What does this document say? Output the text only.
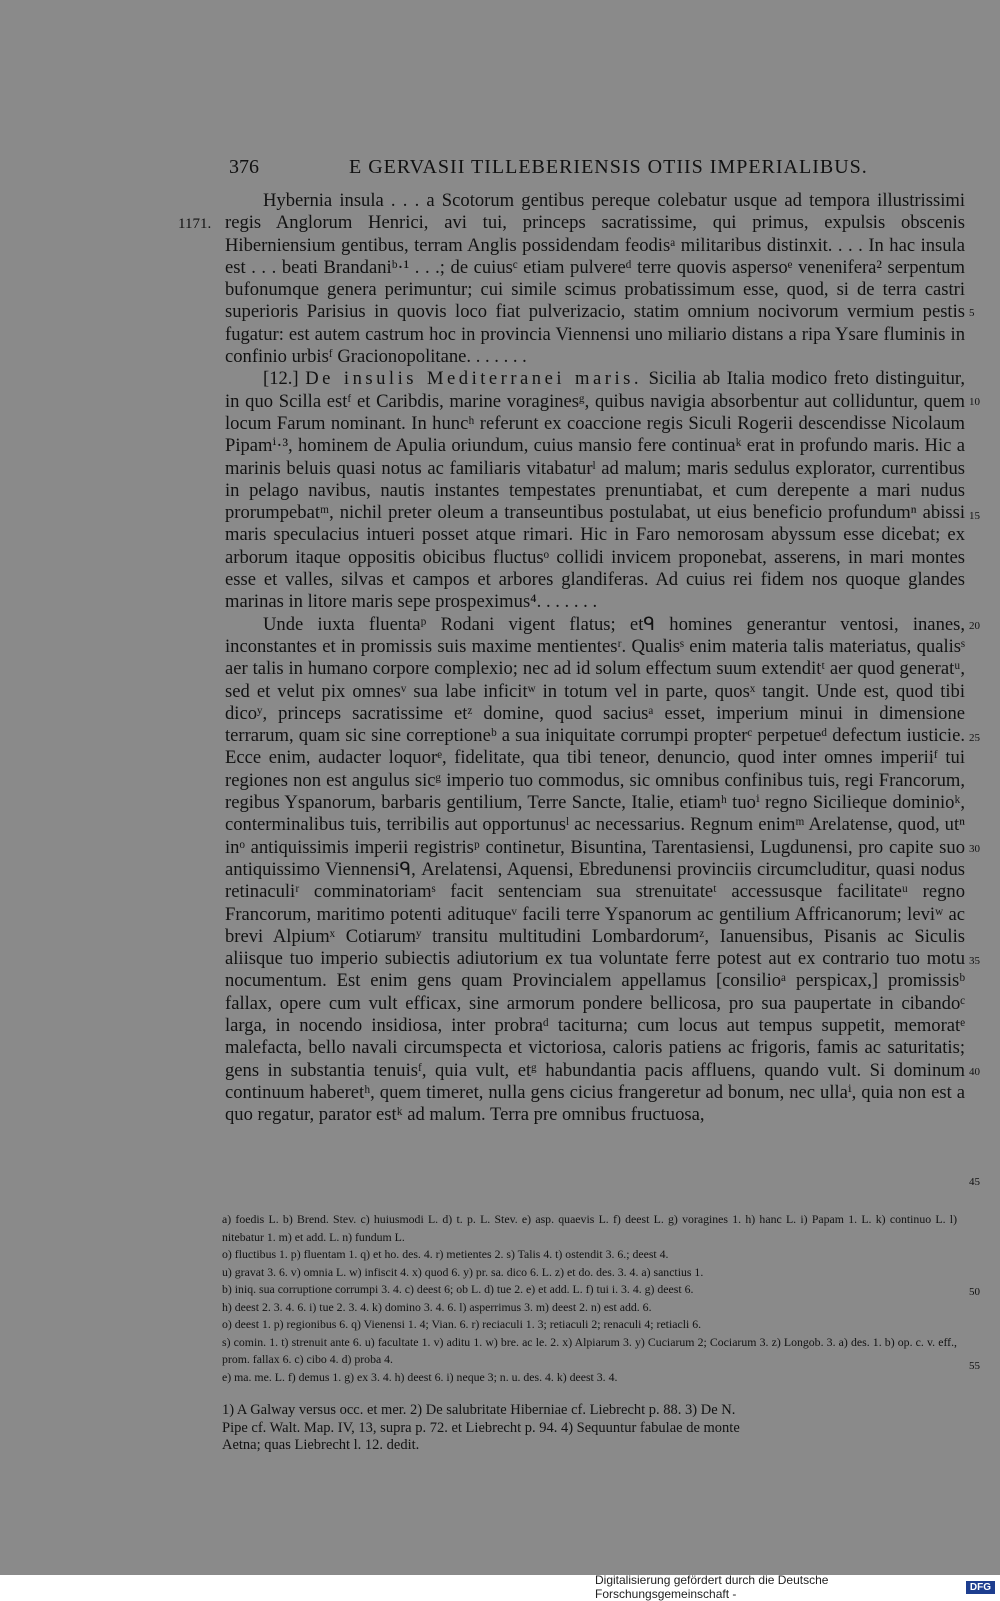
376	E GERVASII TILLEBERIENSIS OTIIS IMPERIALIBUS.
1171.
5
10
15
20
25
30
35
40
45
50
55

Hybernia insula . . . a Scotorum gentibus pereque colebatur usque ad tempora illustrissimi regis Anglorum Henrici, avi tui, princeps sacratissime, qui primus, expulsis obscenis Hiberniensium gentibus, terram Anglis possidendam feodisᵃ militaribus distinxit. . . . In hac insula est . . . beati Brandaniᵇ·¹ . . .; de cuiusᶜ etiam pulvereᵈ terre quovis aspersoᵉ venenifera² serpentum bufonumque genera perimuntur; cui simile scimus probatissimum esse, quod, si de terra castri superioris Parisius in quovis loco fiat pulverizacio, statim omnium nocivorum vermium pestis fugatur: est autem castrum hoc in provincia Viennensi uno miliario distans a ripa Ysare fluminis in confinio urbisᶠ Gracionopolitane. . . . . . .

[12.] De insulis Mediterranei maris. Sicilia ab Italia modico freto distinguitur, in quo Scilla estᶠ et Caribdis, marine voraginesᵍ, quibus navigia absorbentur aut colliduntur, quem locum Farum nominant. In huncʰ referunt ex coaccione regis Siculi Rogerii descendisse Nicolaum Pipamⁱ·³, hominem de Apulia oriundum, cuius mansio fere continuaᵏ erat in profundo maris. Hic a marinis beluis quasi notus ac familiaris vitabaturˡ ad malum; maris sedulus explorator, currentibus in pelago navibus, nautis instantes tempestates prenuntiabat, et cum derepente a mari nudus prorumpebatᵐ, nichil preter oleum a transeuntibus postulabat, ut eius beneficio profundumⁿ abissi maris speculacius intueri posset atque rimari. Hic in Faro nemorosam abyssum esse dicebat; ex arborum itaque oppositis obicibus fluctusᵒ collidi invicem proponebat, asserens, in mari montes esse et valles, silvas et campos et arbores glandiferas. Ad cuius rei fidem nos quoque glandes marinas in litore maris sepe prospeximus⁴. . . . . . .

Unde iuxta fluentaᵖ Rodani vigent flatus; etᑫ homines generantur ventosi, inanes, inconstantes et in promissis suis maxime mentientesʳ. Qualisˢ enim materia talis materiatus, qualisˢ aer talis in humano corpore complexio; nec ad id solum effectum suum extenditᵗ aer quod generatᵘ, sed et velut pix omnesᵛ sua labe inficitʷ in totum vel in parte, quosˣ tangit. Unde est, quod tibi dicoʸ, princeps sacratissime etᶻ domine, quod saciusᵃ esset, imperium minui in dimensione terrarum, quam sic sine correptioneᵇ a sua iniquitate corrumpi propterᶜ perpetueᵈ defectum iusticie. Ecce enim, audacter loquorᵉ, fidelitate, qua tibi teneor, denuncio, quod inter omnes imperiiᶠ tui regiones non est angulus sicᵍ imperio tuo commodus, sic omnibus confinibus tuis, regi Francorum, regibus Yspanorum, barbaris gentilium, Terre Sancte, Italie, etiamʰ tuoⁱ regno Sicilieque dominioᵏ, conterminalibus tuis, terribilis aut opportunusˡ ac necessarius. Regnum enimᵐ Arelatense, quod, utⁿ inᵒ antiquissimis imperii registrisᵖ continetur, Bisuntina, Tarentasiensi, Lugdunensi, pro capite suo antiquissimo Viennensiᑫ, Arelatensi, Aquensi, Ebredunensi provinciis circumcluditur, quasi nodus retinaculiʳ comminatoriamˢ facit sentenciam sua strenuitateᵗ accessusque facilitateᵘ regno Francorum, maritimo potenti adituqueᵛ facili terre Yspanorum ac gentilium Affricanorum; leviʷ ac brevi Alpiumˣ Cotiarumʸ transitu multitudini Lombardorumᶻ, Ianuensibus, Pisanis ac Siculis aliisque tuo imperio subiectis adiutorium ex tua voluntate ferre potest aut ex contrario tuo motu nocumentum. Est enim gens quam Provincialem appellamus [consilioᵃ perspicax,] promissisᵇ fallax, opere cum vult efficax, sine armorum pondere bellicosa, pro sua paupertate in cibandoᶜ larga, in nocendo insidiosa, inter probraᵈ taciturna; cum locus aut tempus suppetit, memoratᵉ malefacta, bello navali circumspecta et victoriosa, caloris patiens ac frigoris, famis ac saturitatis; gens in substantia tenuisᶠ, quia vult, etᵍ habundantia pacis affluens, quando vult. Si dominum continuum haberetʰ, quem timeret, nulla gens cicius frangeretur ad bonum, nec ullaⁱ, quia non est a quo regatur, parator estᵏ ad malum. Terra pre omnibus fructuosa,

a) foedis L. b) Brend. Stev. c) huiusmodi L. d) t. p. L. Stev. e) asp. quaevis L. f) deest L. g) voragines 1. h) hanc L. i) Papam 1. L. k) continuo L. l) nitebatur 1. m) et add. L. n) fundum L.

o) fluctibus 1. p) fluentam 1. q) et ho. des. 4. r) metientes 2. s) Talis 4. t) ostendit 3. 6.; deest 4.

u) gravat 3. 6. v) omnia L. w) infiscit 4. x) quod 6. y) pr. sa. dico 6. L. z) et do. des. 3. 4. a) sanctius 1.

b) iniq. sua corruptione corrumpi 3. 4. c) deest 6; ob L. d) tue 2. e) et add. L. f) tui i. 3. 4. g) deest 6.

h) deest 2. 3. 4. 6. i) tue 2. 3. 4. k) domino 3. 4. 6. l) asperrimus 3. m) deest 2. n) est add. 6.

o) deest 1. p) regionibus 6. q) Vienensi 1. 4; Vian. 6. r) reciaculi 1. 3; retiaculi 2; renaculi 4; retiacli 6.

s) comin. 1. t) strenuit ante 6. u) facultate 1. v) aditu 1. w) bre. ac le. 2. x) Alpiarum 3. y) Cuciarum 2; Cociarum 3. z) Longob. 3. a) des. 1. b) op. c. v. eff., prom. fallax 6. c) cibo 4. d) proba 4.

e) ma. me. L. f) demus 1. g) ex 3. 4. h) deest 6. i) neque 3; n. u. des. 4. k) deest 3. 4.

1) A Galway versus occ. et mer. 2) De salubritate Hiberniae cf. Liebrecht p. 88. 3) De N. Pipe cf. Walt. Map. IV, 13, supra p. 72. et Liebrecht p. 94. 4) Sequuntur fabulae de monte Aetna; quas Liebrecht l. 12. dedit.

Digitalisierung gefördert durch die Deutsche Forschungsgemeinschaft -	DFG
